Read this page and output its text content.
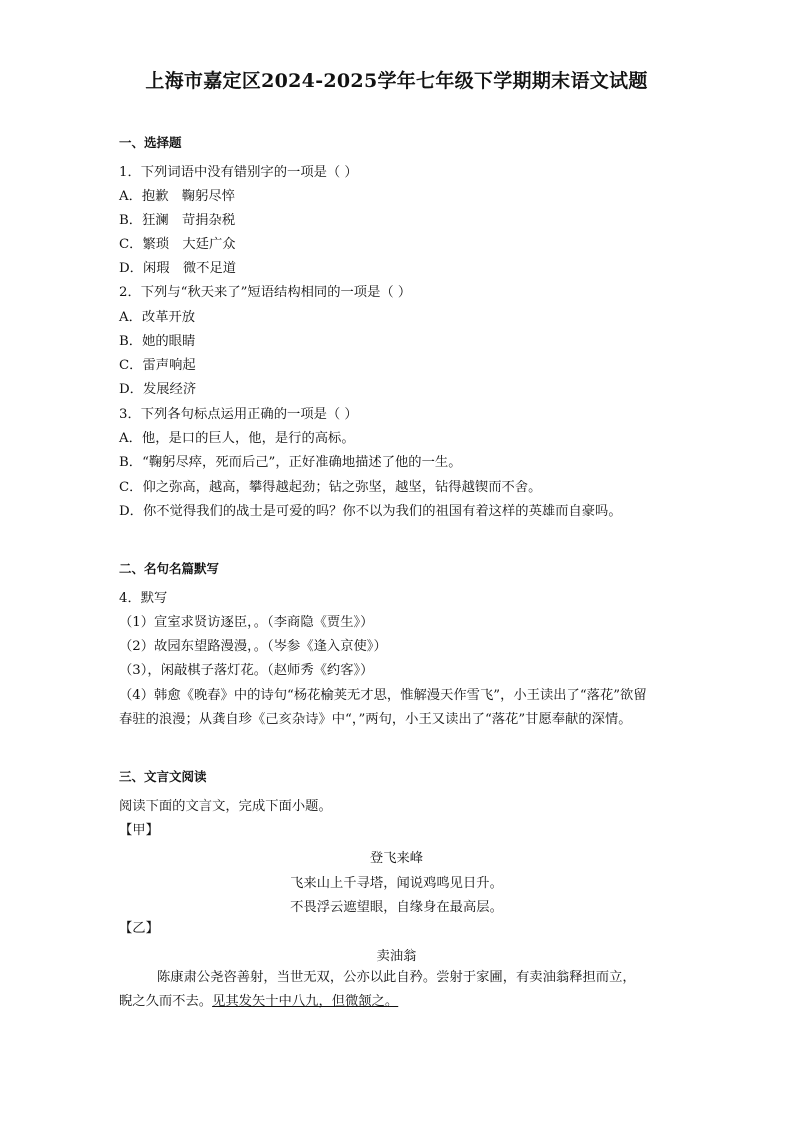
上海市嘉定区2024-2025学年七年级下学期期末语文试题
一、选择题
1．下列词语中没有错别字的一项是（ ）
A．抱歉　鞠躬尽悴
B．狂澜　苛捐杂税
C．繁琐　大廷广众
D．闲瑕　微不足道
2．下列与“秋天来了”短语结构相同的一项是（ ）
A．改革开放
B．她的眼睛
C．雷声响起
D．发展经济
3．下列各句标点运用正确的一项是（ ）
A．他，是口的巨人，他，是行的高标。
B．“鞠躬尽瘁，死而后己”，正好准确地描述了他的一生。
C．仰之弥高，越高，攀得越起劲；钻之弥坚，越坚，钻得越锲而不舍。
D．你不觉得我们的战士是可爱的吗？你不以为我们的祖国有着这样的英雄而自豪吗。
二、名句名篇默写
4．默写
（1）宣室求贤访逐臣，。（李商隐《贾生》）
（2）故园东望路漫漫，。（岑参《逢入京使》）
（3），闲敲棋子落灯花。（赵师秀《约客》）
（4）韩愈《晚春》中的诗句“杨花榆荚无才思，惟解漫天作雪飞”，小王读出了“落花”欲留
春驻的浪漫；从龚自珍《己亥杂诗》中“，”两句，小王又读出了“落花”甘愿奉献的深情。
三、文言文阅读
阅读下面的文言文，完成下面小题。
【甲】
登飞来峰
飞来山上千寻塔，闻说鸡鸣见日升。
不畏浮云遮望眼，自缘身在最高层。
【乙】
卖油翁
陈康肃公尧咨善射，当世无双，公亦以此自矜。尝射于家圃，有卖油翁释担而立，
睨之久而不去。见其发矢十中八九，但微颔之。
